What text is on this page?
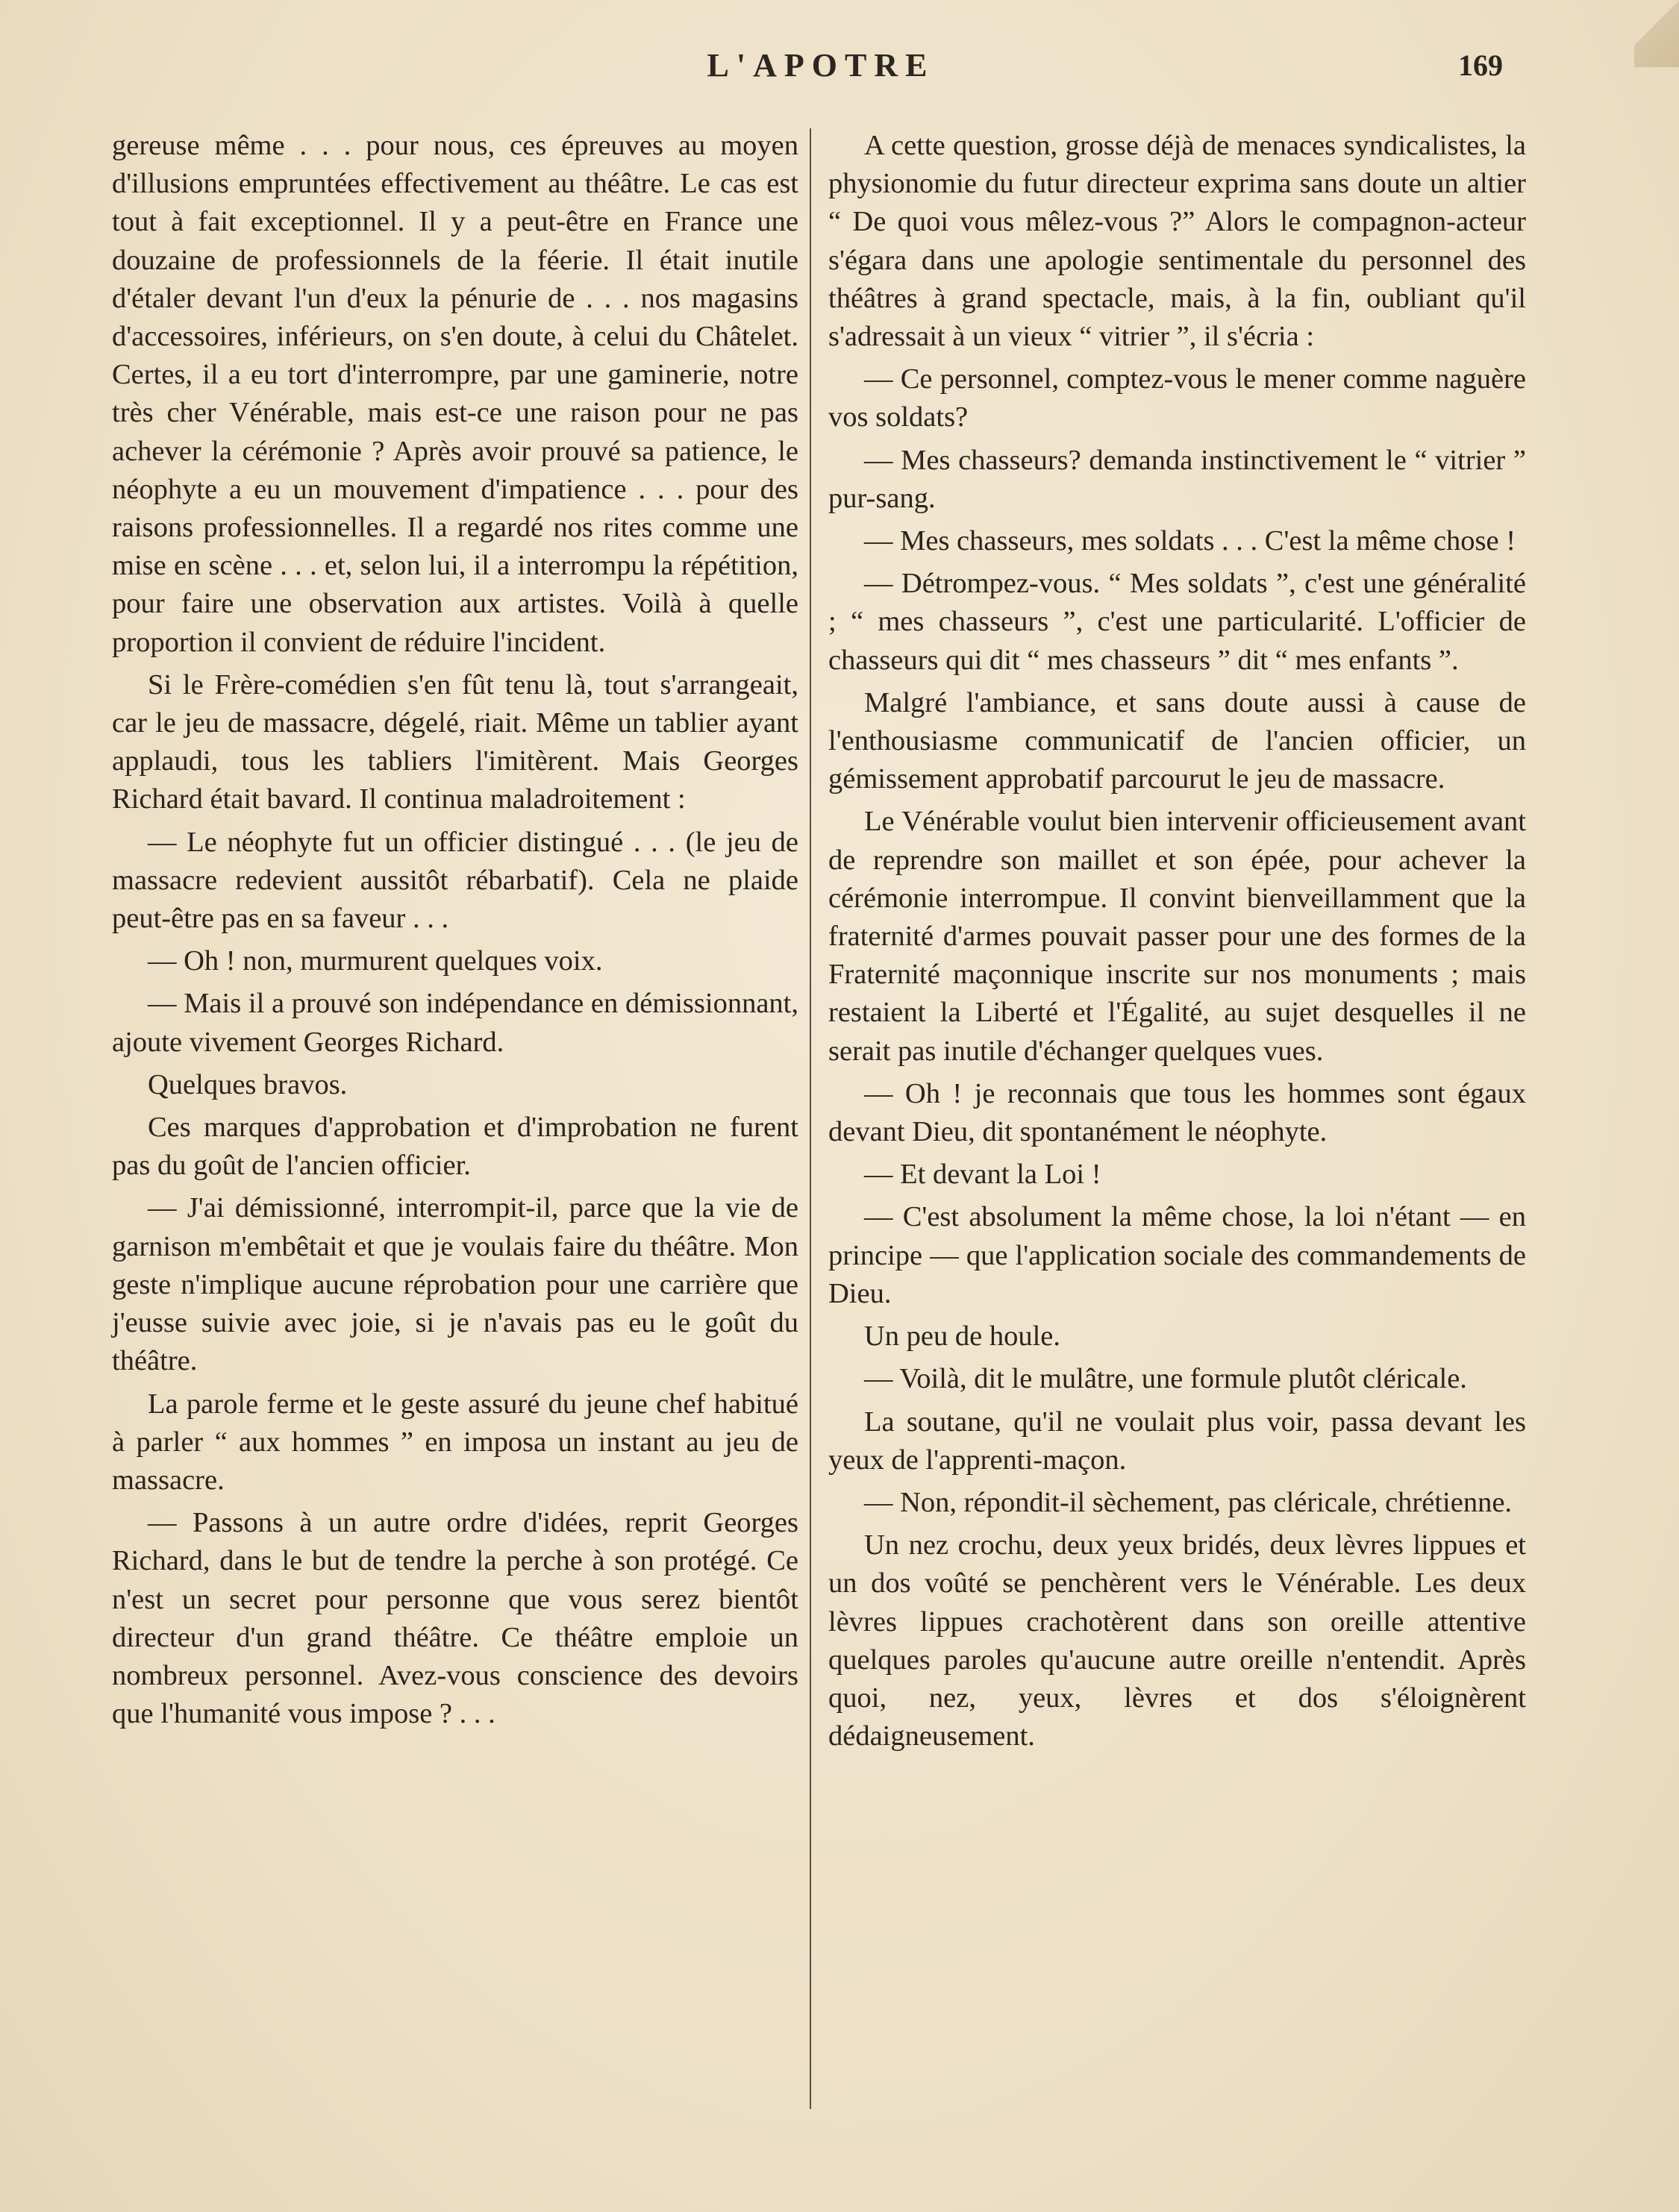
L'APOTRE	169

gereuse même . . . pour nous, ces épreuves au moyen d'illusions empruntées effectivement au théâtre. Le cas est tout à fait exceptionnel. Il y a peut-être en France une douzaine de professionnels de la féerie. Il était inutile d'étaler devant l'un d'eux la pénurie de . . . nos magasins d'accessoires, inférieurs, on s'en doute, à celui du Châtelet. Certes, il a eu tort d'interrompre, par une gaminerie, notre très cher Vénérable, mais est-ce une raison pour ne pas achever la cérémonie ? Après avoir prouvé sa patience, le néophyte a eu un mouvement d'impatience . . . pour des raisons professionnelles. Il a regardé nos rites comme une mise en scène . . . et, selon lui, il a interrompu la répétition, pour faire une observation aux artistes. Voilà à quelle proportion il convient de réduire l'incident.

Si le Frère-comédien s'en fût tenu là, tout s'arrangeait, car le jeu de massacre, dégelé, riait. Même un tablier ayant applaudi, tous les tabliers l'imitèrent. Mais Georges Richard était bavard. Il continua maladroitement :

— Le néophyte fut un officier distingué . . . (le jeu de massacre redevient aussitôt rébarbatif). Cela ne plaide peut-être pas en sa faveur . . .

— Oh ! non, murmurent quelques voix.

— Mais il a prouvé son indépendance en démissionnant, ajoute vivement Georges Richard.

Quelques bravos.

Ces marques d'approbation et d'improbation ne furent pas du goût de l'ancien officier.

— J'ai démissionné, interrompit-il, parce que la vie de garnison m'embêtait et que je voulais faire du théâtre. Mon geste n'implique aucune réprobation pour une carrière que j'eusse suivie avec joie, si je n'avais pas eu le goût du théâtre.

La parole ferme et le geste assuré du jeune chef habitué à parler “ aux hommes ” en imposa un instant au jeu de massacre.

— Passons à un autre ordre d'idées, reprit Georges Richard, dans le but de tendre la perche à son protégé. Ce n'est un secret pour personne que vous serez bientôt directeur d'un grand théâtre. Ce théâtre emploie un nombreux personnel. Avez-vous conscience des devoirs que l'humanité vous impose ? . . .

A cette question, grosse déjà de menaces syndicalistes, la physionomie du futur directeur exprima sans doute un altier “ De quoi vous mêlez-vous ?” Alors le compagnon-acteur s'égara dans une apologie sentimentale du personnel des théâtres à grand spectacle, mais, à la fin, oubliant qu'il s'adressait à un vieux “ vitrier ”, il s'écria :

— Ce personnel, comptez-vous le mener comme naguère vos soldats?

— Mes chasseurs? demanda instinctivement le “ vitrier ” pur-sang.

— Mes chasseurs, mes soldats . . . C'est la même chose !

— Détrompez-vous. “ Mes soldats ”, c'est une généralité ; “ mes chasseurs ”, c'est une particularité. L'officier de chasseurs qui dit “ mes chasseurs ” dit “ mes enfants ”.

Malgré l'ambiance, et sans doute aussi à cause de l'enthousiasme communicatif de l'ancien officier, un gémissement approbatif parcourut le jeu de massacre.

Le Vénérable voulut bien intervenir officieusement avant de reprendre son maillet et son épée, pour achever la cérémonie interrompue. Il convint bienveillamment que la fraternité d'armes pouvait passer pour une des formes de la Fraternité maçonnique inscrite sur nos monuments ; mais restaient la Liberté et l'Égalité, au sujet desquelles il ne serait pas inutile d'échanger quelques vues.

— Oh ! je reconnais que tous les hommes sont égaux devant Dieu, dit spontanément le néophyte.

— Et devant la Loi !

— C'est absolument la même chose, la loi n'étant — en principe — que l'application sociale des commandements de Dieu.

Un peu de houle.

— Voilà, dit le mulâtre, une formule plutôt cléricale.

La soutane, qu'il ne voulait plus voir, passa devant les yeux de l'apprenti-maçon.

— Non, répondit-il sèchement, pas cléricale, chrétienne.

Un nez crochu, deux yeux bridés, deux lèvres lippues et un dos voûté se penchèrent vers le Vénérable. Les deux lèvres lippues crachotèrent dans son oreille attentive quelques paroles qu'aucune autre oreille n'entendit. Après quoi, nez, yeux, lèvres et dos s'éloignèrent dédaigneusement.
